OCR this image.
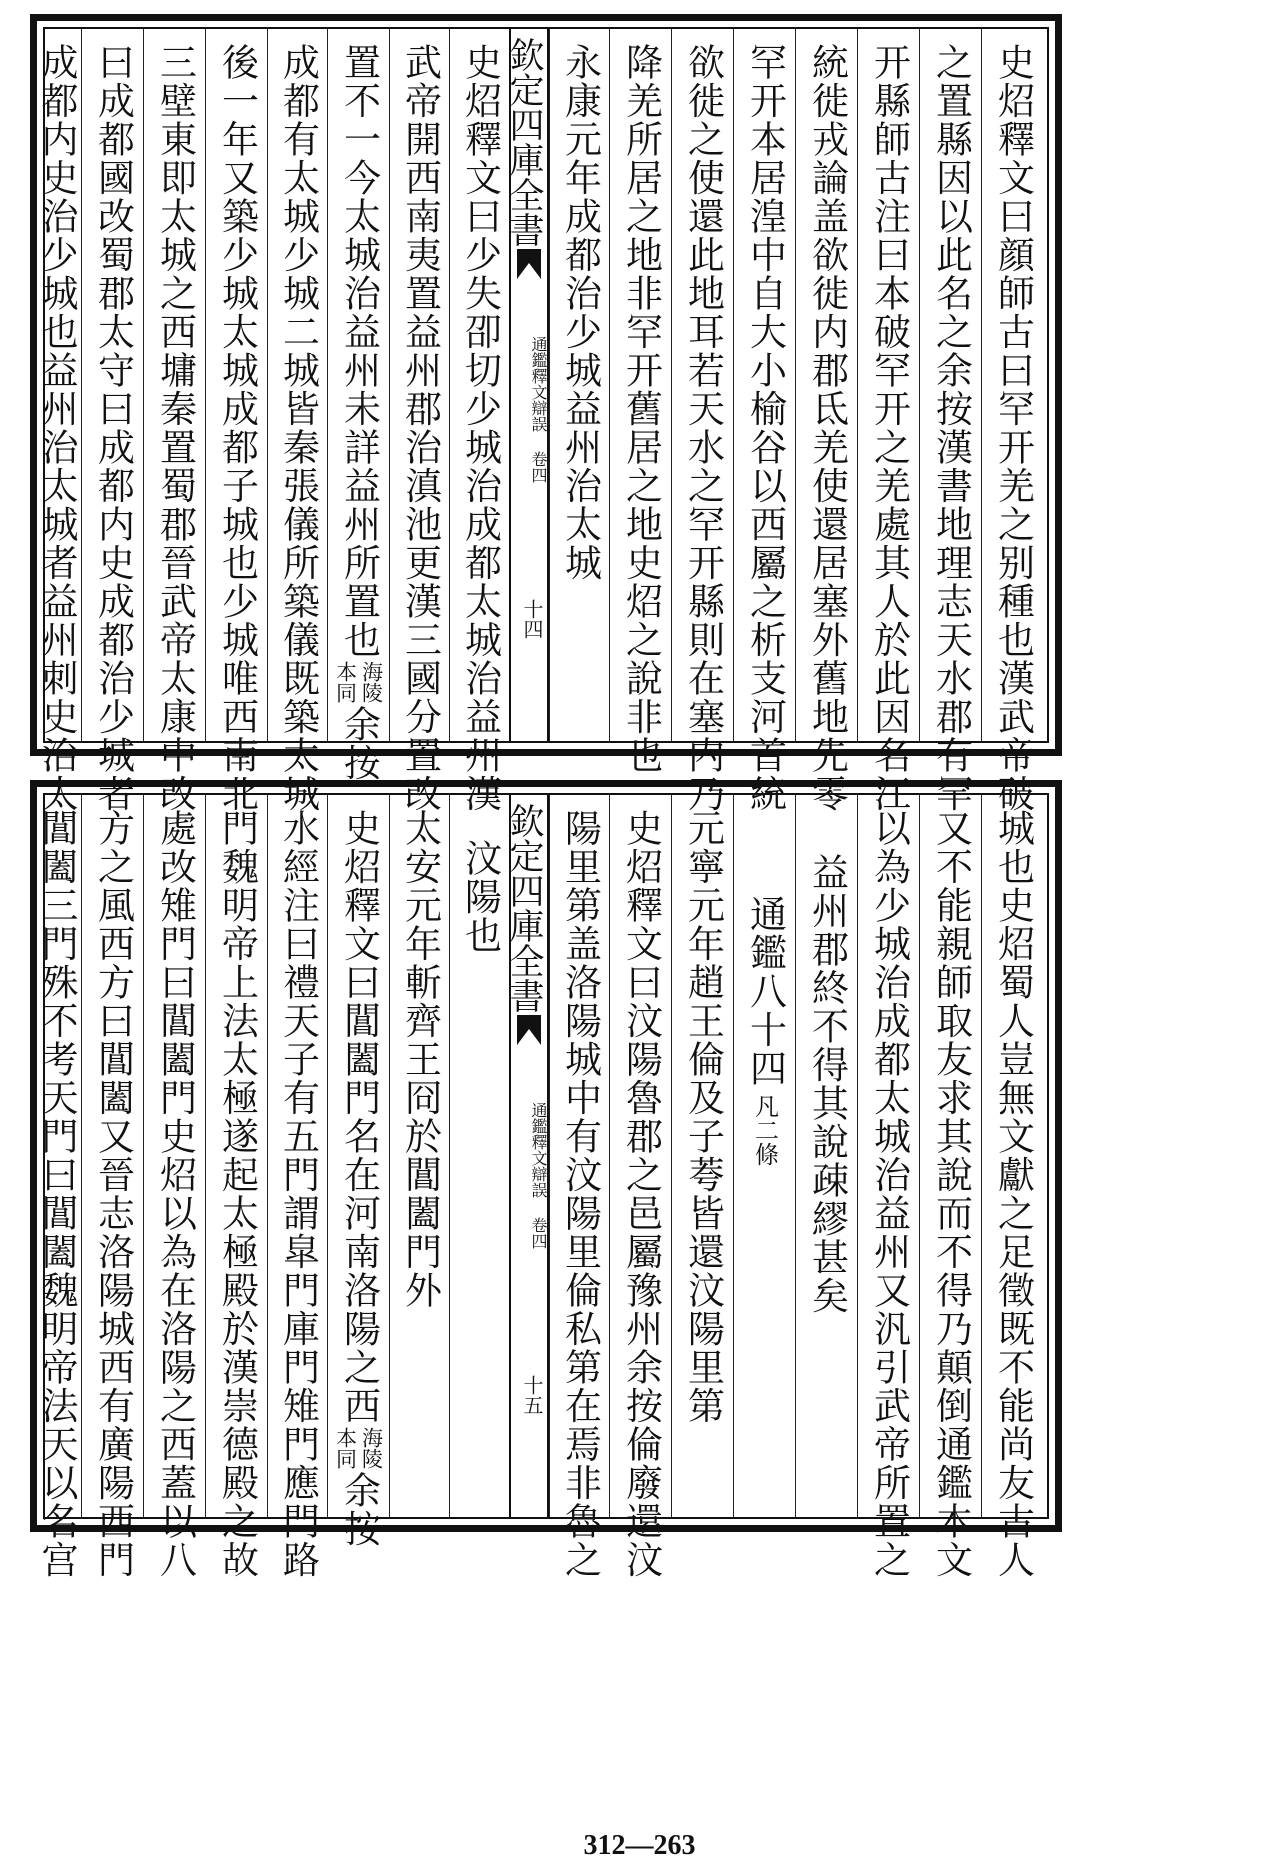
史炤釋文曰顔師古曰罕开羌之别種也漢武帝破
之置縣因以此名之余按漢書地理志天水郡有罕
开縣師古注曰本破罕开之羌處其人於此因名江
統徙戎論盖欲徙内郡氐羌使還居塞外舊地先零
罕开本居湟中自大小榆谷以西屬之析支河首統
欲徙之使還此地耳若天水之罕开縣則在塞内乃
降羌所居之地非罕开舊居之地史炤之說非也
永康元年成都治少城益州治太城
欽定四庫全書
通鑑釋文辯誤 卷四
十四
史炤釋文曰少失卲切少城治成都太城治益州漢
武帝開西南夷置益州郡治滇池更漢三國分置改
置不一今太城治益州未詳益州所置也
海陵
本同
余按
成都有太城少城二城皆秦張儀所築儀既築太城
後一年又築少城太城成都子城也少城唯西南北
三壁東即太城之西墉秦置蜀郡晉武帝太康中改
曰成都國改蜀郡太守曰成都内史成都治少城者
成都内史治少城也益州治太城者益州刺史治太
城也史炤蜀人豈無文獻之足徵既不能尚友古人
又不能親師取友求其說而不得乃顛倒通鑑本文
以為少城治成都太城治益州又汎引武帝所置之
益州郡終不得其說疎繆甚矣
通鑑八十四
凡二條
元寧元年趙王倫及子荂皆還汶陽里第
史炤釋文曰汶陽魯郡之邑屬豫州余按倫廢還汶
陽里第盖洛陽城中有汶陽里倫私第在焉非魯之
欽定四庫全書
通鑑釋文辯誤 卷四
十五
汶陽也
太安元年斬齊王冏於閶闔門外
史炤釋文曰閶闔門名在河南洛陽之西
海陵
本同
余按
水經注曰禮天子有五門謂皐門庫門雉門應門路
門魏明帝上法太極遂起太極殿於漢崇德殿之故
處改雉門曰閶闔門史炤以為在洛陽之西蓋以八
方之風西方曰閶闔又晉志洛陽城西有廣陽西門
閶闔三門殊不考天門曰閶闔魏明帝法天以名宫
312—263
